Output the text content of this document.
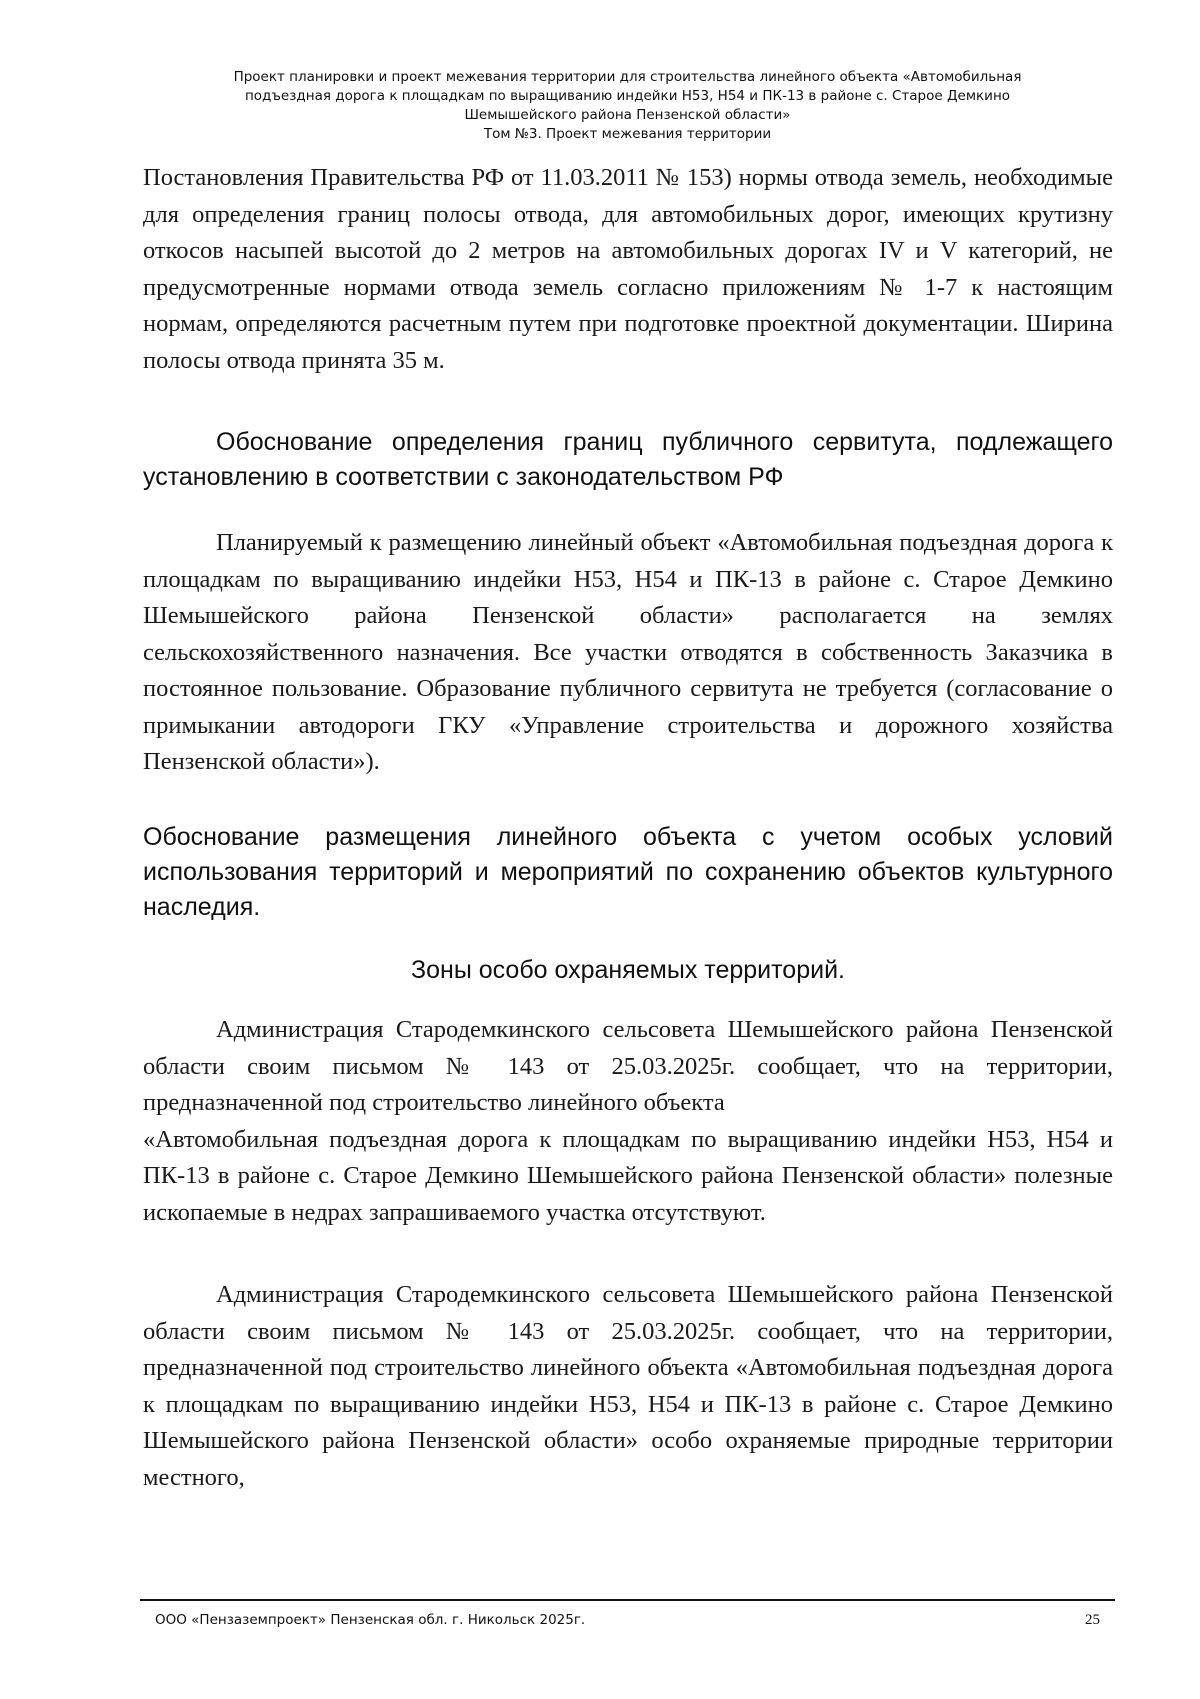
Проект планировки и проект межевания территории для строительства линейного объекта «Автомобильная
подъездная дорога к площадкам по выращиванию индейки Н53, Н54 и ПК-13 в районе с. Старое Демкино
Шемышейского района Пензенской области»
Том №3. Проект межевания территории

Постановления Правительства РФ от 11.03.2011 № 153) нормы отвода земель, необходимые для определения границ полосы отвода, для автомобильных дорог, имеющих крутизну откосов насыпей высотой до 2 метров на автомобильных дорогах IV и V категорий, не предусмотренные нормами отвода земель согласно приложениям № 1-7 к настоящим нормам, определяются расчетным путем при подготовке проектной документации. Ширина полосы отвода принята 35 м.

Обоснование определения границ публичного сервитута, подлежащего установлению в соответствии с законодательством РФ

Планируемый к размещению линейный объект «Автомобильная подъездная дорога к площадкам по выращиванию индейки Н53, Н54 и ПК-13 в районе с. Старое Демкино Шемышейского района Пензенской области» располагается на землях сельскохозяйственного назначения. Все участки отводятся в собственность Заказчика в постоянное пользование. Образование публичного сервитута не требуется (согласование о примыкании автодороги ГКУ «Управление строительства и дорожного хозяйства Пензенской области»).

Обоснование размещения линейного объекта с учетом особых условий использования территорий и мероприятий по сохранению объектов культурного наследия.
Зоны особо охраняемых территорий.

Администрация Стародемкинского сельсовета Шемышейского района Пензенской области своим письмом № 143 от 25.03.2025г. сообщает, что на территории, предназначенной под строительство линейного объекта

«Автомобильная подъездная дорога к площадкам по выращиванию индейки Н53, Н54 и ПК-13 в районе с. Старое Демкино Шемышейского района Пензенской области» полезные ископаемые в недрах запрашиваемого участка отсутствуют.

Администрация Стародемкинского сельсовета Шемышейского района Пензенской области своим письмом № 143 от 25.03.2025г. сообщает, что на территории, предназначенной под строительство линейного объекта «Автомобильная подъездная дорога к площадкам по выращиванию индейки Н53, Н54 и ПК-13 в районе с. Старое Демкино Шемышейского района Пензенской области» особо охраняемые природные территории местного,

ООО «Пензаземпроект» Пензенская обл. г. Никольск 2025г.	25
